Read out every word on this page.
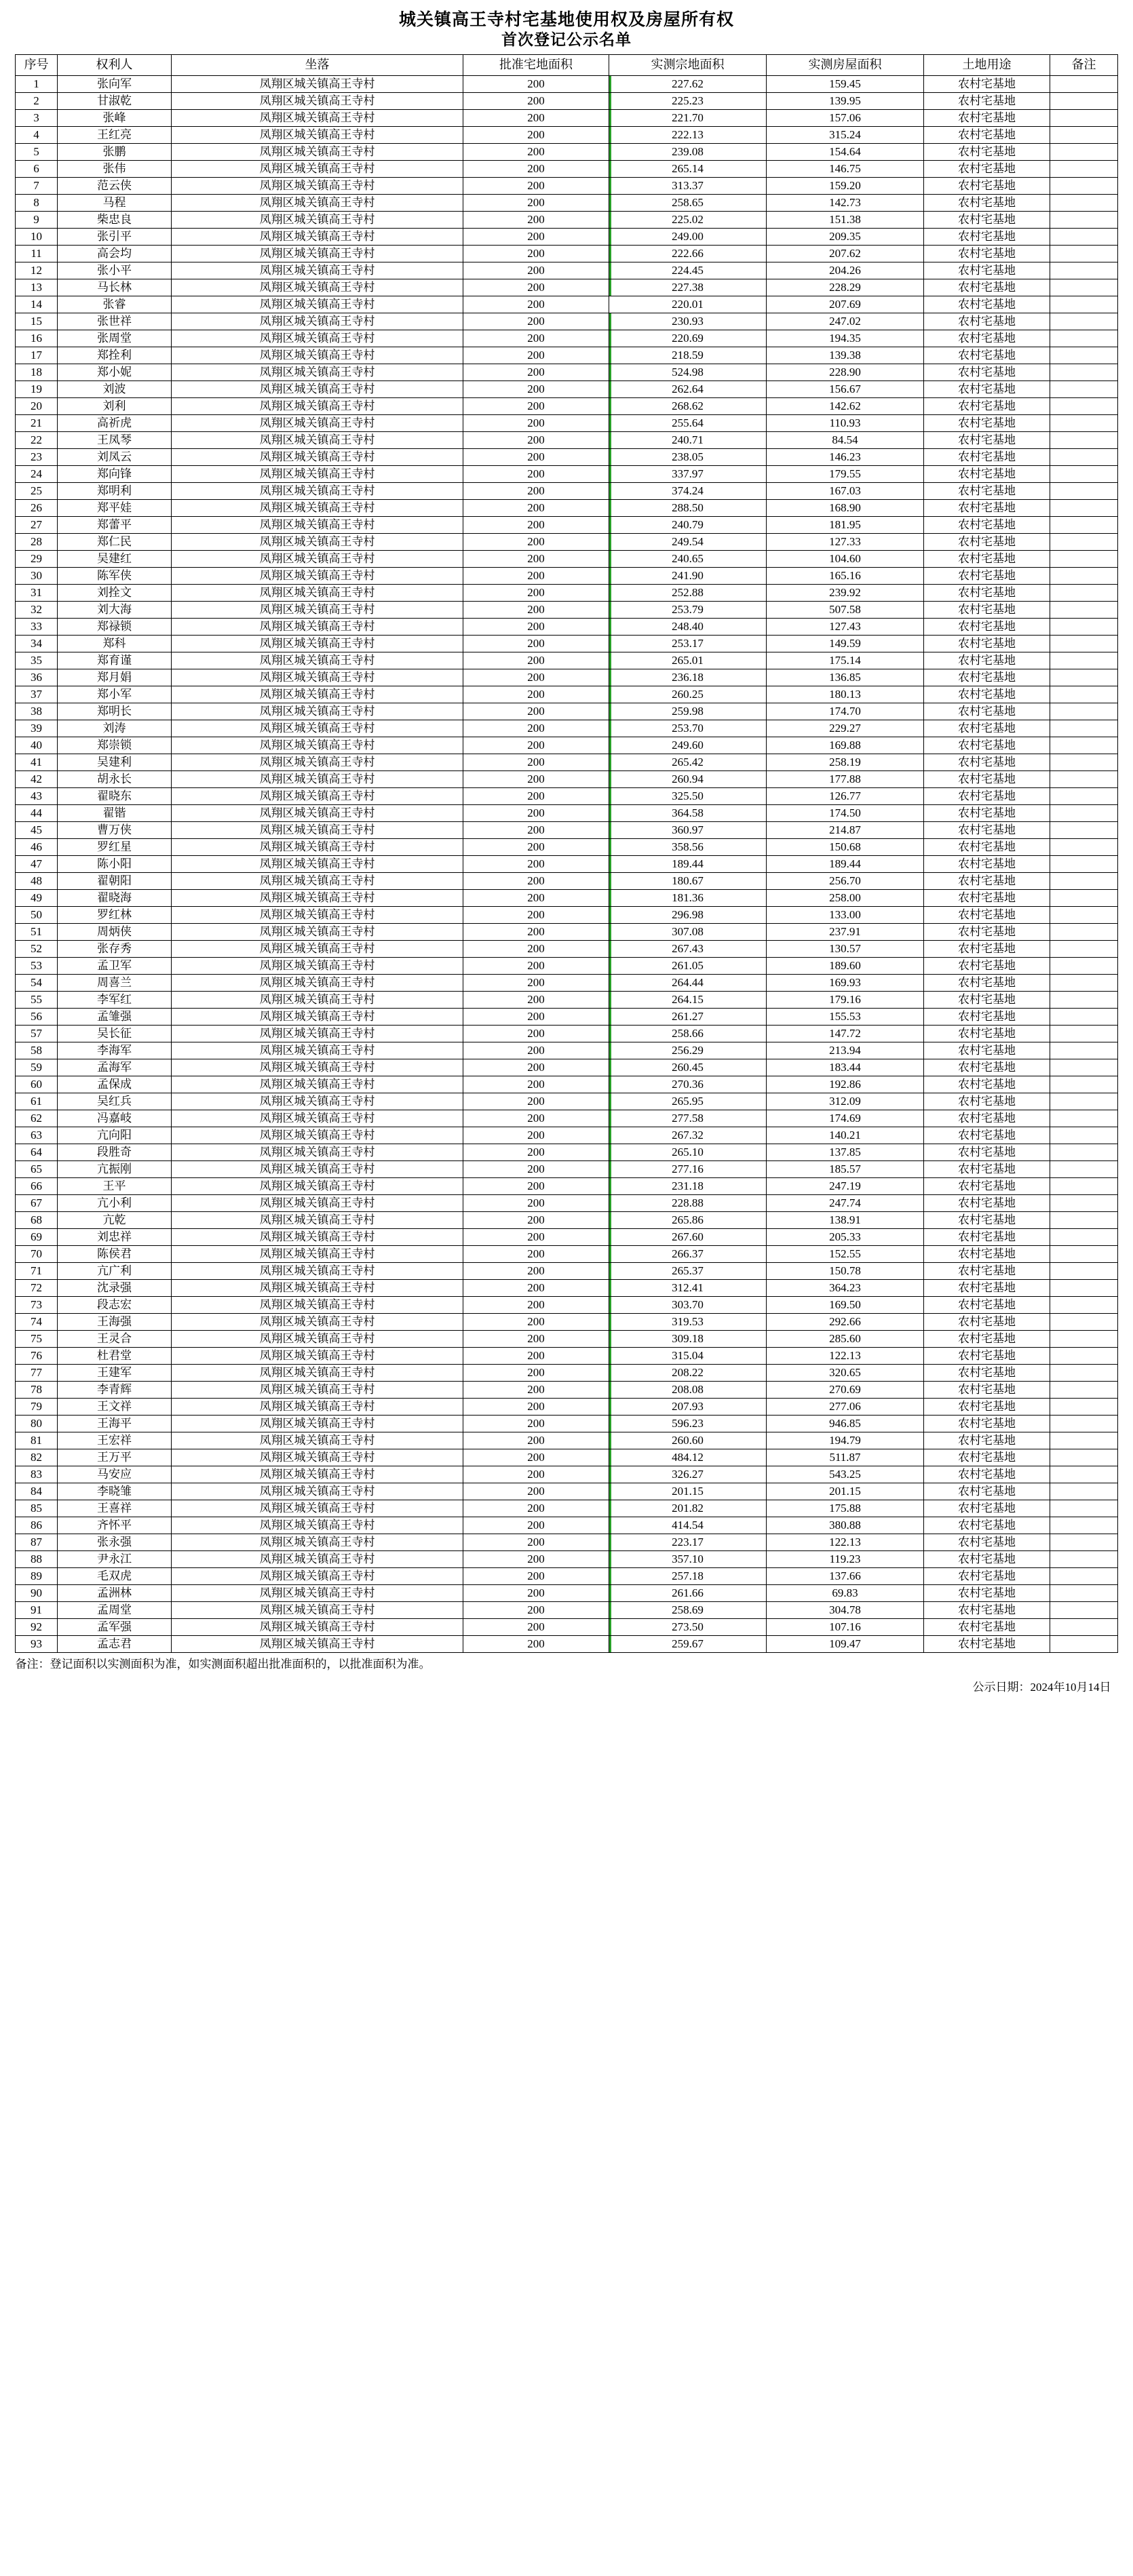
城关镇高王寺村宅基地使用权及房屋所有权
首次登记公示名单
序号	权利人	坐落	批准宅地面积	实测宗地面积	实测房屋面积	土地用途	备注
1	张向军	凤翔区城关镇高王寺村	200	227.62	159.45	农村宅基地	
2	甘淑乾	凤翔区城关镇高王寺村	200	225.23	139.95	农村宅基地	
3	张峰	凤翔区城关镇高王寺村	200	221.70	157.06	农村宅基地	
4	王红亮	凤翔区城关镇高王寺村	200	222.13	315.24	农村宅基地	
5	张鹏	凤翔区城关镇高王寺村	200	239.08	154.64	农村宅基地	
6	张伟	凤翔区城关镇高王寺村	200	265.14	146.75	农村宅基地	
7	范云侠	凤翔区城关镇高王寺村	200	313.37	159.20	农村宅基地	
8	马程	凤翔区城关镇高王寺村	200	258.65	142.73	农村宅基地	
9	柴忠良	凤翔区城关镇高王寺村	200	225.02	151.38	农村宅基地	
10	张引平	凤翔区城关镇高王寺村	200	249.00	209.35	农村宅基地	
11	高会均	凤翔区城关镇高王寺村	200	222.66	207.62	农村宅基地	
12	张小平	凤翔区城关镇高王寺村	200	224.45	204.26	农村宅基地	
13	马长林	凤翔区城关镇高王寺村	200	227.38	228.29	农村宅基地	
14	张睿	凤翔区城关镇高王寺村	200	220.01	207.69	农村宅基地	
15	张世祥	凤翔区城关镇高王寺村	200	230.93	247.02	农村宅基地	
16	张周堂	凤翔区城关镇高王寺村	200	220.69	194.35	农村宅基地	
17	郑拴利	凤翔区城关镇高王寺村	200	218.59	139.38	农村宅基地	
18	郑小妮	凤翔区城关镇高王寺村	200	524.98	228.90	农村宅基地	
19	刘波	凤翔区城关镇高王寺村	200	262.64	156.67	农村宅基地	
20	刘利	凤翔区城关镇高王寺村	200	268.62	142.62	农村宅基地	
21	高祈虎	凤翔区城关镇高王寺村	200	255.64	110.93	农村宅基地	
22	王凤琴	凤翔区城关镇高王寺村	200	240.71	84.54	农村宅基地	
23	刘凤云	凤翔区城关镇高王寺村	200	238.05	146.23	农村宅基地	
24	郑向锋	凤翔区城关镇高王寺村	200	337.97	179.55	农村宅基地	
25	郑明利	凤翔区城关镇高王寺村	200	374.24	167.03	农村宅基地	
26	郑平娃	凤翔区城关镇高王寺村	200	288.50	168.90	农村宅基地	
27	郑蕾平	凤翔区城关镇高王寺村	200	240.79	181.95	农村宅基地	
28	郑仁民	凤翔区城关镇高王寺村	200	249.54	127.33	农村宅基地	
29	吴建红	凤翔区城关镇高王寺村	200	240.65	104.60	农村宅基地	
30	陈军侠	凤翔区城关镇高王寺村	200	241.90	165.16	农村宅基地	
31	刘拴文	凤翔区城关镇高王寺村	200	252.88	239.92	农村宅基地	
32	刘大海	凤翔区城关镇高王寺村	200	253.79	507.58	农村宅基地	
33	郑禄锁	凤翔区城关镇高王寺村	200	248.40	127.43	农村宅基地	
34	郑科	凤翔区城关镇高王寺村	200	253.17	149.59	农村宅基地	
35	郑育谨	凤翔区城关镇高王寺村	200	265.01	175.14	农村宅基地	
36	郑月娟	凤翔区城关镇高王寺村	200	236.18	136.85	农村宅基地	
37	郑小军	凤翔区城关镇高王寺村	200	260.25	180.13	农村宅基地	
38	郑明长	凤翔区城关镇高王寺村	200	259.98	174.70	农村宅基地	
39	刘涛	凤翔区城关镇高王寺村	200	253.70	229.27	农村宅基地	
40	郑崇锁	凤翔区城关镇高王寺村	200	249.60	169.88	农村宅基地	
41	吴建利	凤翔区城关镇高王寺村	200	265.42	258.19	农村宅基地	
42	胡永长	凤翔区城关镇高王寺村	200	260.94	177.88	农村宅基地	
43	翟晓东	凤翔区城关镇高王寺村	200	325.50	126.77	农村宅基地	
44	翟锴	凤翔区城关镇高王寺村	200	364.58	174.50	农村宅基地	
45	曹万侠	凤翔区城关镇高王寺村	200	360.97	214.87	农村宅基地	
46	罗红星	凤翔区城关镇高王寺村	200	358.56	150.68	农村宅基地	
47	陈小阳	凤翔区城关镇高王寺村	200	189.44	189.44	农村宅基地	
48	翟朝阳	凤翔区城关镇高王寺村	200	180.67	256.70	农村宅基地	
49	翟晓海	凤翔区城关镇高王寺村	200	181.36	258.00	农村宅基地	
50	罗红林	凤翔区城关镇高王寺村	200	296.98	133.00	农村宅基地	
51	周炳侠	凤翔区城关镇高王寺村	200	307.08	237.91	农村宅基地	
52	张存秀	凤翔区城关镇高王寺村	200	267.43	130.57	农村宅基地	
53	孟卫军	凤翔区城关镇高王寺村	200	261.05	189.60	农村宅基地	
54	周喜兰	凤翔区城关镇高王寺村	200	264.44	169.93	农村宅基地	
55	李军红	凤翔区城关镇高王寺村	200	264.15	179.16	农村宅基地	
56	孟雏强	凤翔区城关镇高王寺村	200	261.27	155.53	农村宅基地	
57	吴长征	凤翔区城关镇高王寺村	200	258.66	147.72	农村宅基地	
58	李海军	凤翔区城关镇高王寺村	200	256.29	213.94	农村宅基地	
59	孟海军	凤翔区城关镇高王寺村	200	260.45	183.44	农村宅基地	
60	孟保成	凤翔区城关镇高王寺村	200	270.36	192.86	农村宅基地	
61	吴红兵	凤翔区城关镇高王寺村	200	265.95	312.09	农村宅基地	
62	冯嘉岐	凤翔区城关镇高王寺村	200	277.58	174.69	农村宅基地	
63	亢向阳	凤翔区城关镇高王寺村	200	267.32	140.21	农村宅基地	
64	段胜奇	凤翔区城关镇高王寺村	200	265.10	137.85	农村宅基地	
65	亢振刚	凤翔区城关镇高王寺村	200	277.16	185.57	农村宅基地	
66	王平	凤翔区城关镇高王寺村	200	231.18	247.19	农村宅基地	
67	亢小利	凤翔区城关镇高王寺村	200	228.88	247.74	农村宅基地	
68	亢乾	凤翔区城关镇高王寺村	200	265.86	138.91	农村宅基地	
69	刘忠祥	凤翔区城关镇高王寺村	200	267.60	205.33	农村宅基地	
70	陈侯君	凤翔区城关镇高王寺村	200	266.37	152.55	农村宅基地	
71	亢广利	凤翔区城关镇高王寺村	200	265.37	150.78	农村宅基地	
72	沈录强	凤翔区城关镇高王寺村	200	312.41	364.23	农村宅基地	
73	段志宏	凤翔区城关镇高王寺村	200	303.70	169.50	农村宅基地	
74	王海强	凤翔区城关镇高王寺村	200	319.53	292.66	农村宅基地	
75	王灵合	凤翔区城关镇高王寺村	200	309.18	285.60	农村宅基地	
76	杜君堂	凤翔区城关镇高王寺村	200	315.04	122.13	农村宅基地	
77	王建军	凤翔区城关镇高王寺村	200	208.22	320.65	农村宅基地	
78	李青辉	凤翔区城关镇高王寺村	200	208.08	270.69	农村宅基地	
79	王文祥	凤翔区城关镇高王寺村	200	207.93	277.06	农村宅基地	
80	王海平	凤翔区城关镇高王寺村	200	596.23	946.85	农村宅基地	
81	王宏祥	凤翔区城关镇高王寺村	200	260.60	194.79	农村宅基地	
82	王万平	凤翔区城关镇高王寺村	200	484.12	511.87	农村宅基地	
83	马安应	凤翔区城关镇高王寺村	200	326.27	543.25	农村宅基地	
84	李晓雏	凤翔区城关镇高王寺村	200	201.15	201.15	农村宅基地	
85	王喜祥	凤翔区城关镇高王寺村	200	201.82	175.88	农村宅基地	
86	齐怀平	凤翔区城关镇高王寺村	200	414.54	380.88	农村宅基地	
87	张永强	凤翔区城关镇高王寺村	200	223.17	122.13	农村宅基地	
88	尹永江	凤翔区城关镇高王寺村	200	357.10	119.23	农村宅基地	
89	毛双虎	凤翔区城关镇高王寺村	200	257.18	137.66	农村宅基地	
90	孟洲林	凤翔区城关镇高王寺村	200	261.66	69.83	农村宅基地	
91	孟周堂	凤翔区城关镇高王寺村	200	258.69	304.78	农村宅基地	
92	孟军强	凤翔区城关镇高王寺村	200	273.50	107.16	农村宅基地	
93	孟志君	凤翔区城关镇高王寺村	200	259.67	109.47	农村宅基地	
备注：登记面积以实测面积为准，如实测面积超出批准面积的，以批准面积为准。
公示日期：2024年10月14日
